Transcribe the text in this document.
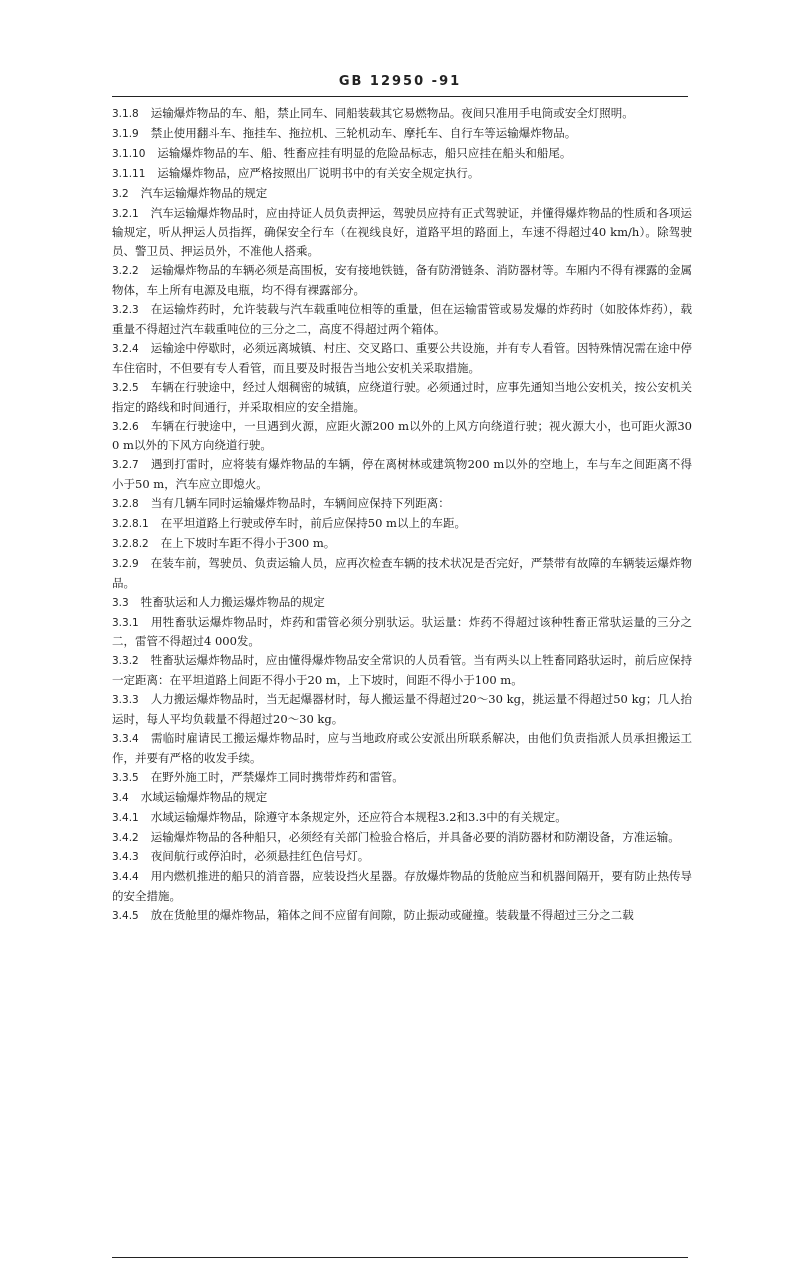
GB 12950 -91

3.1.8 运输爆炸物品的车、船，禁止同车、同船装载其它易燃物品。夜间只准用手电筒或安全灯照明。

3.1.9 禁止使用翻斗车、拖挂车、拖拉机、三轮机动车、摩托车、自行车等运输爆炸物品。

3.1.10 运输爆炸物品的车、船、牲畜应挂有明显的危险品标志，船只应挂在船头和船尾。

3.1.11 运输爆炸物品，应严格按照出厂说明书中的有关安全规定执行。

3.2 汽车运输爆炸物品的规定

3.2.1 汽车运输爆炸物品时，应由持证人员负责押运，驾驶员应持有正式驾驶证，并懂得爆炸物品的性质和各项运输规定，听从押运人员指挥，确保安全行车（在视线良好，道路平坦的路面上，车速不得超过40 km/h）。除驾驶员、警卫员、押运员外，不准他人搭乘。

3.2.2 运输爆炸物品的车辆必须是高围板，安有接地铁链，备有防滑链条、消防器材等。车厢内不得有裸露的金属物体，车上所有电源及电瓶，均不得有裸露部分。

3.2.3 在运输炸药时，允许装载与汽车载重吨位相等的重量，但在运输雷管或易发爆的炸药时（如胶体炸药），载重量不得超过汽车载重吨位的三分之二，高度不得超过两个箱体。

3.2.4 运输途中停歇时，必须远离城镇、村庄、交叉路口、重要公共设施，并有专人看管。因特殊情况需在途中停车住宿时，不但要有专人看管，而且要及时报告当地公安机关采取措施。

3.2.5 车辆在行驶途中，经过人烟稠密的城镇，应绕道行驶。必须通过时，应事先通知当地公安机关，按公安机关指定的路线和时间通行，并采取相应的安全措施。

3.2.6 车辆在行驶途中，一旦遇到火源，应距火源200 m以外的上风方向绕道行驶；视火源大小，也可距火源300 m以外的下风方向绕道行驶。

3.2.7 遇到打雷时，应将装有爆炸物品的车辆，停在离树林或建筑物200 m以外的空地上，车与车之间距离不得小于50 m，汽车应立即熄火。

3.2.8 当有几辆车同时运输爆炸物品时，车辆间应保持下列距离：

3.2.8.1 在平坦道路上行驶或停车时，前后应保持50 m以上的车距。

3.2.8.2 在上下坡时车距不得小于300 m。

3.2.9 在装车前，驾驶员、负责运输人员，应再次检查车辆的技术状况是否完好，严禁带有故障的车辆装运爆炸物品。

3.3 牲畜驮运和人力搬运爆炸物品的规定

3.3.1 用牲畜驮运爆炸物品时，炸药和雷管必须分别驮运。驮运量：炸药不得超过该种牲畜正常驮运量的三分之二，雷管不得超过4 000发。

3.3.2 牲畜驮运爆炸物品时，应由懂得爆炸物品安全常识的人员看管。当有两头以上牲畜同路驮运时，前后应保持一定距离：在平坦道路上间距不得小于20 m，上下坡时，间距不得小于100 m。

3.3.3 人力搬运爆炸物品时，当无起爆器材时，每人搬运量不得超过20～30 kg，挑运量不得超过50 kg；几人抬运时，每人平均负载量不得超过20～30 kg。

3.3.4 需临时雇请民工搬运爆炸物品时，应与当地政府或公安派出所联系解决，由他们负责指派人员承担搬运工作，并要有严格的收发手续。

3.3.5 在野外施工时，严禁爆炸工同时携带炸药和雷管。

3.4 水域运输爆炸物品的规定

3.4.1 水域运输爆炸物品，除遵守本条规定外，还应符合本规程3.2和3.3中的有关规定。

3.4.2 运输爆炸物品的各种船只，必须经有关部门检验合格后，并具备必要的消防器材和防潮设备，方准运输。

3.4.3 夜间航行或停泊时，必须悬挂红色信号灯。

3.4.4 用内燃机推进的船只的消音器，应装设挡火星器。存放爆炸物品的货舱应当和机器间隔开，要有防止热传导的安全措施。

3.4.5 放在货舱里的爆炸物品，箱体之间不应留有间隙，防止振动或碰撞。装载量不得超过三分之二载
